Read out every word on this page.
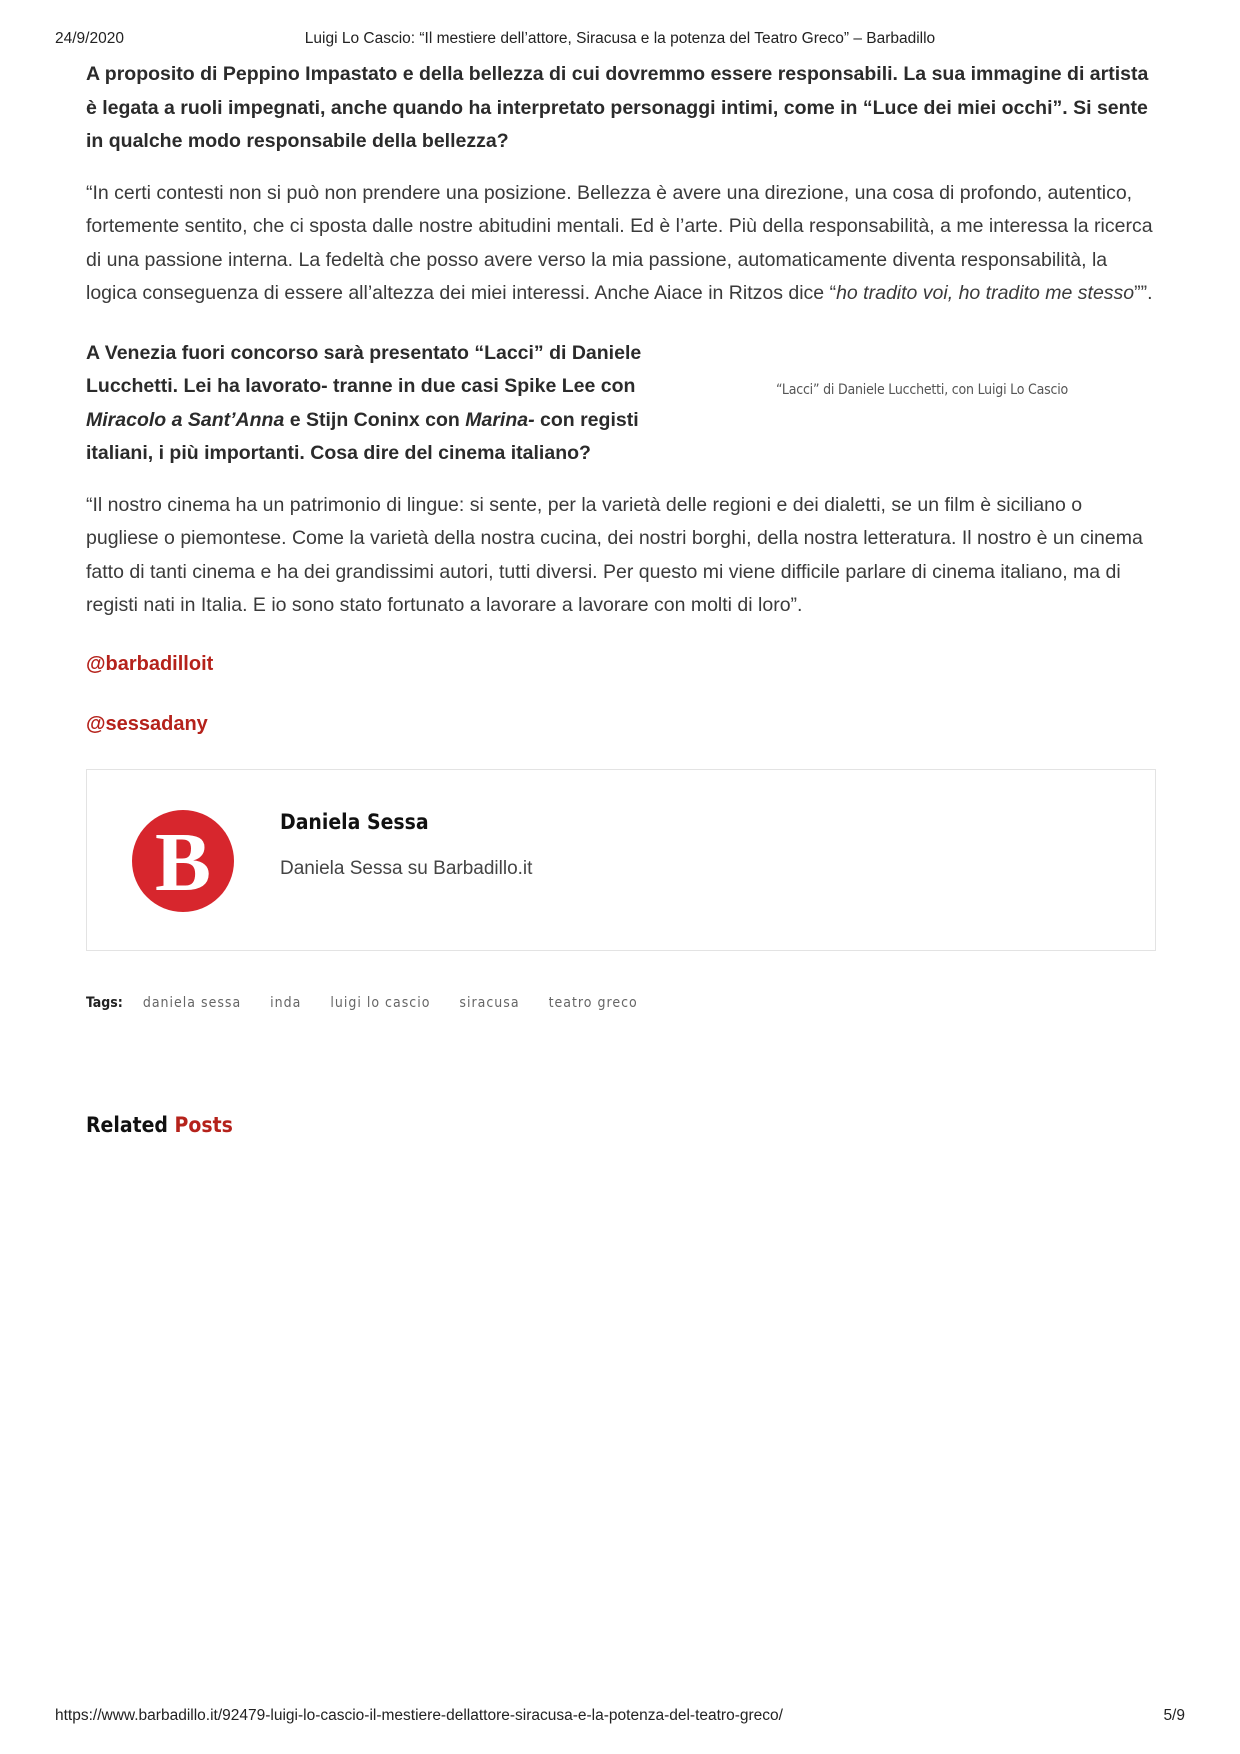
24/9/2020	Luigi Lo Cascio: “Il mestiere dell’attore, Siracusa e la potenza del Teatro Greco” – Barbadillo

A proposito di Peppino Impastato e della bellezza di cui dovremmo essere responsabili. La sua immagine di artista è legata a ruoli impegnati, anche quando ha interpretato personaggi intimi, come in “Luce dei miei occhi”. Si sente in qualche modo responsabile della bellezza?

“In certi contesti non si può non prendere una posizione. Bellezza è avere una direzione, una cosa di profondo, autentico, fortemente sentito, che ci sposta dalle nostre abitudini mentali. Ed è l’arte. Più della responsabilità, a me interessa la ricerca di una passione interna. La fedeltà che posso avere verso la mia passione, automaticamente diventa responsabilità, la logica conseguenza di essere all’altezza dei miei interessi. Anche Aiace in Ritzos dice “ho tradito voi, ho tradito me stesso””.

A Venezia fuori concorso sarà presentato “Lacci” di Daniele Lucchetti. Lei ha lavorato- tranne in due casi Spike Lee con Miracolo a Sant’Anna e Stijn Coninx con Marina- con registi italiani, i più importanti. Cosa dire del cinema italiano?

“Lacci” di Daniele Lucchetti, con Luigi Lo Cascio

“Il nostro cinema ha un patrimonio di lingue: si sente, per la varietà delle regioni e dei dialetti, se un film è siciliano o pugliese o piemontese. Come la varietà della nostra cucina, dei nostri borghi, della nostra letteratura. Il nostro è un cinema fatto di tanti cinema e ha dei grandissimi autori, tutti diversi. Per questo mi viene difficile parlare di cinema italiano, ma di registi nati in Italia. E io sono stato fortunato a lavorare a lavorare con molti di loro”.

@barbadilloit
@sessadany
B	Daniela Sessa
Daniela Sessa su Barbadillo.it
Tags: daniela sessa inda luigi lo cascio siracusa teatro greco
Related Posts
https://www.barbadillo.it/92479-luigi-lo-cascio-il-mestiere-dellattore-siracusa-e-la-potenza-del-teatro-greco/	5/9
